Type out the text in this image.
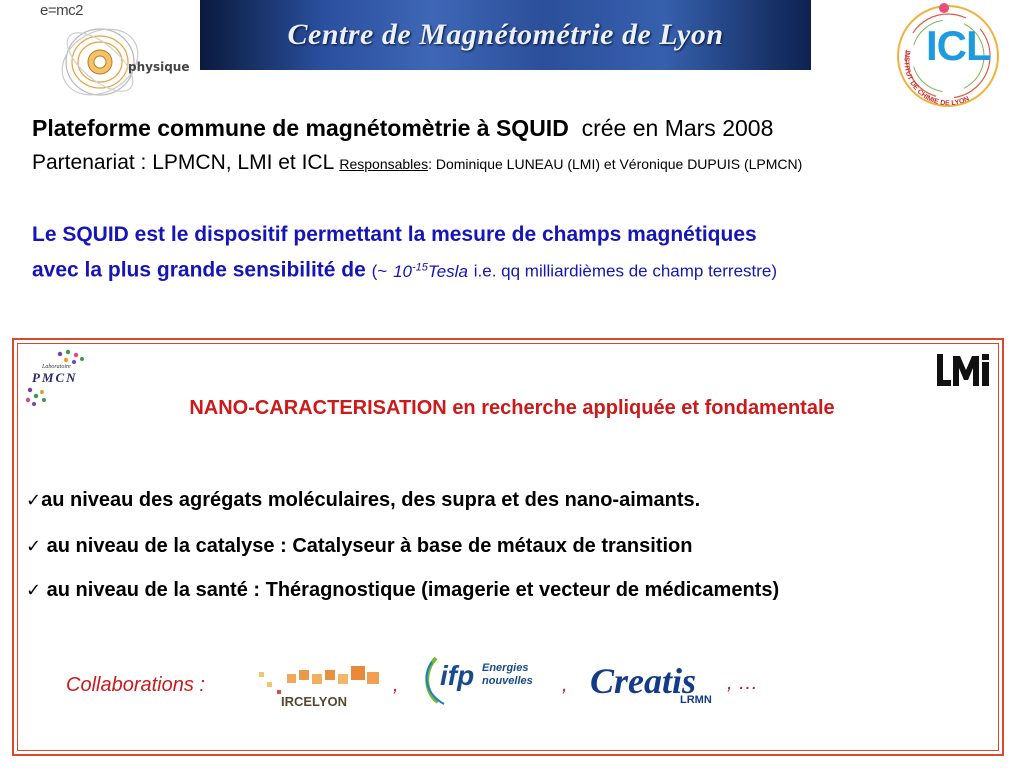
e=mc2
physique
Centre de Magnétométrie de Lyon	ICL
INSTITUT DE CHIMIE DE LYON
Plateforme commune de magnétomètrie à SQUID crée en Mars 2008
Partenariat : LPMCN, LMI et ICL Responsables: Dominique LUNEAU (LMI) et Véronique DUPUIS (LPMCN)
Le SQUID est le dispositif permettant la mesure de champs magnétiques
avec la plus grande sensibilité de (~ $10^{-15}Tesla$ i.e. qq milliardièmes de champ terrestre)
Laboratoire
PMCN
LMI
NANO-CARACTERISATION en recherche appliquée et fondamentale
✓au niveau des agrégats moléculaires, des supra et des nano-aimants.
✓ au niveau de la catalyse : Catalyseur à base de métaux de transition
✓ au niveau de la santé : Théragnostique (imagerie et vecteur de médicaments)
Collaborations :
IRCELYON
, ifp Energies
nouvelles , Creatis
LRMN
, …
